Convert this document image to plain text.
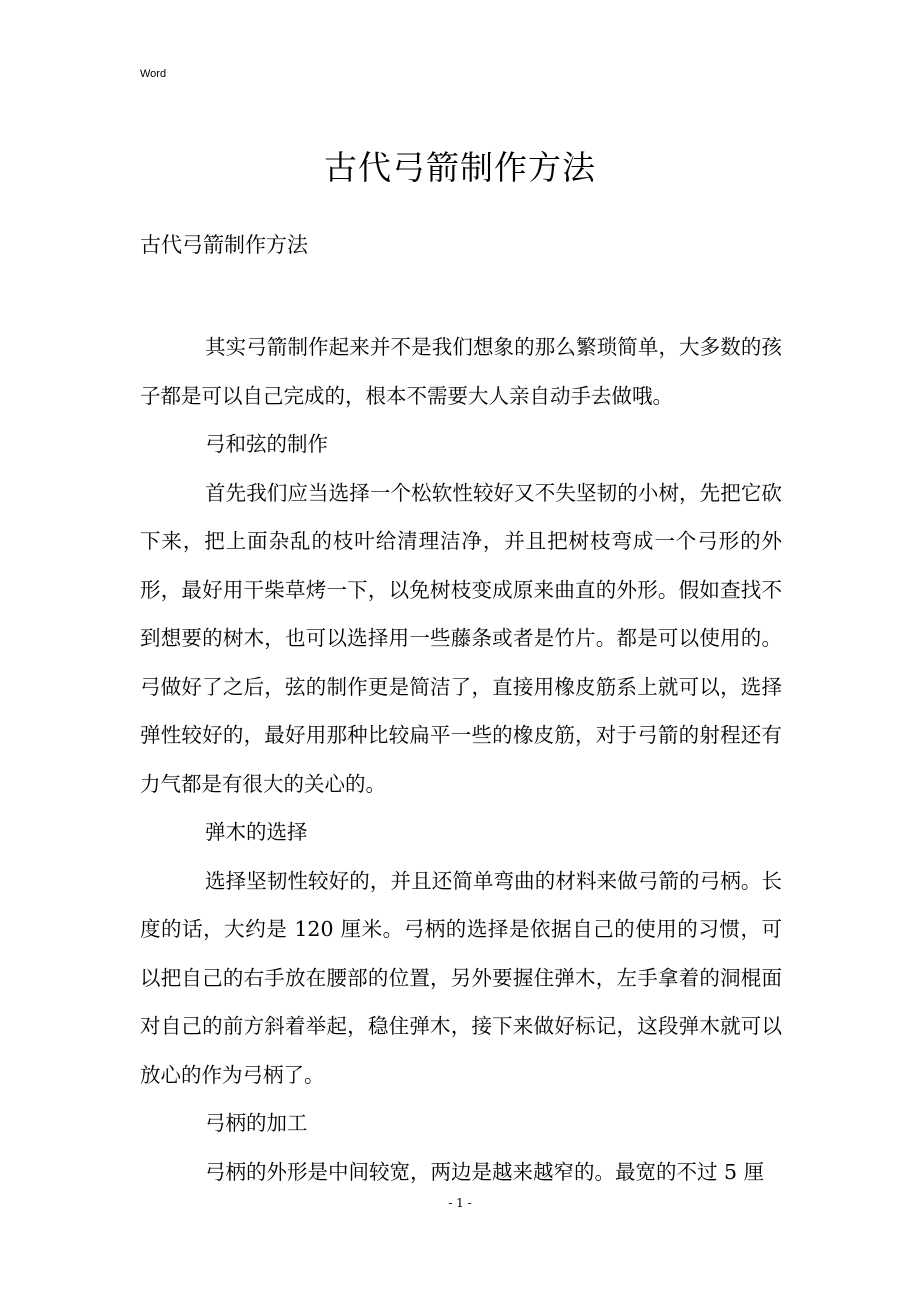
Word
古代弓箭制作方法
古代弓箭制作方法

其实弓箭制作起来并不是我们想象的那么繁琐简单，大多数的孩子都是可以自己完成的，根本不需要大人亲自动手去做哦。

弓和弦的制作

首先我们应当选择一个松软性较好又不失坚韧的小树，先把它砍下来，把上面杂乱的枝叶给清理洁净，并且把树枝弯成一个弓形的外形，最好用干柴草烤一下，以免树枝变成原来曲直的外形。假如查找不到想要的树木，也可以选择用一些藤条或者是竹片。都是可以使用的。弓做好了之后，弦的制作更是简洁了，直接用橡皮筋系上就可以，选择弹性较好的，最好用那种比较扁平一些的橡皮筋，对于弓箭的射程还有力气都是有很大的关心的。

弹木的选择

选择坚韧性较好的，并且还简单弯曲的材料来做弓箭的弓柄。长度的话，大约是 120 厘米。弓柄的选择是依据自己的使用的习惯，可以把自己的右手放在腰部的位置，另外要握住弹木，左手拿着的洞棍面对自己的前方斜着举起，稳住弹木，接下来做好标记，这段弹木就可以放心的作为弓柄了。

弓柄的加工

弓柄的外形是中间较宽，两边是越来越窄的。最宽的不过 5 厘

- 1 -
